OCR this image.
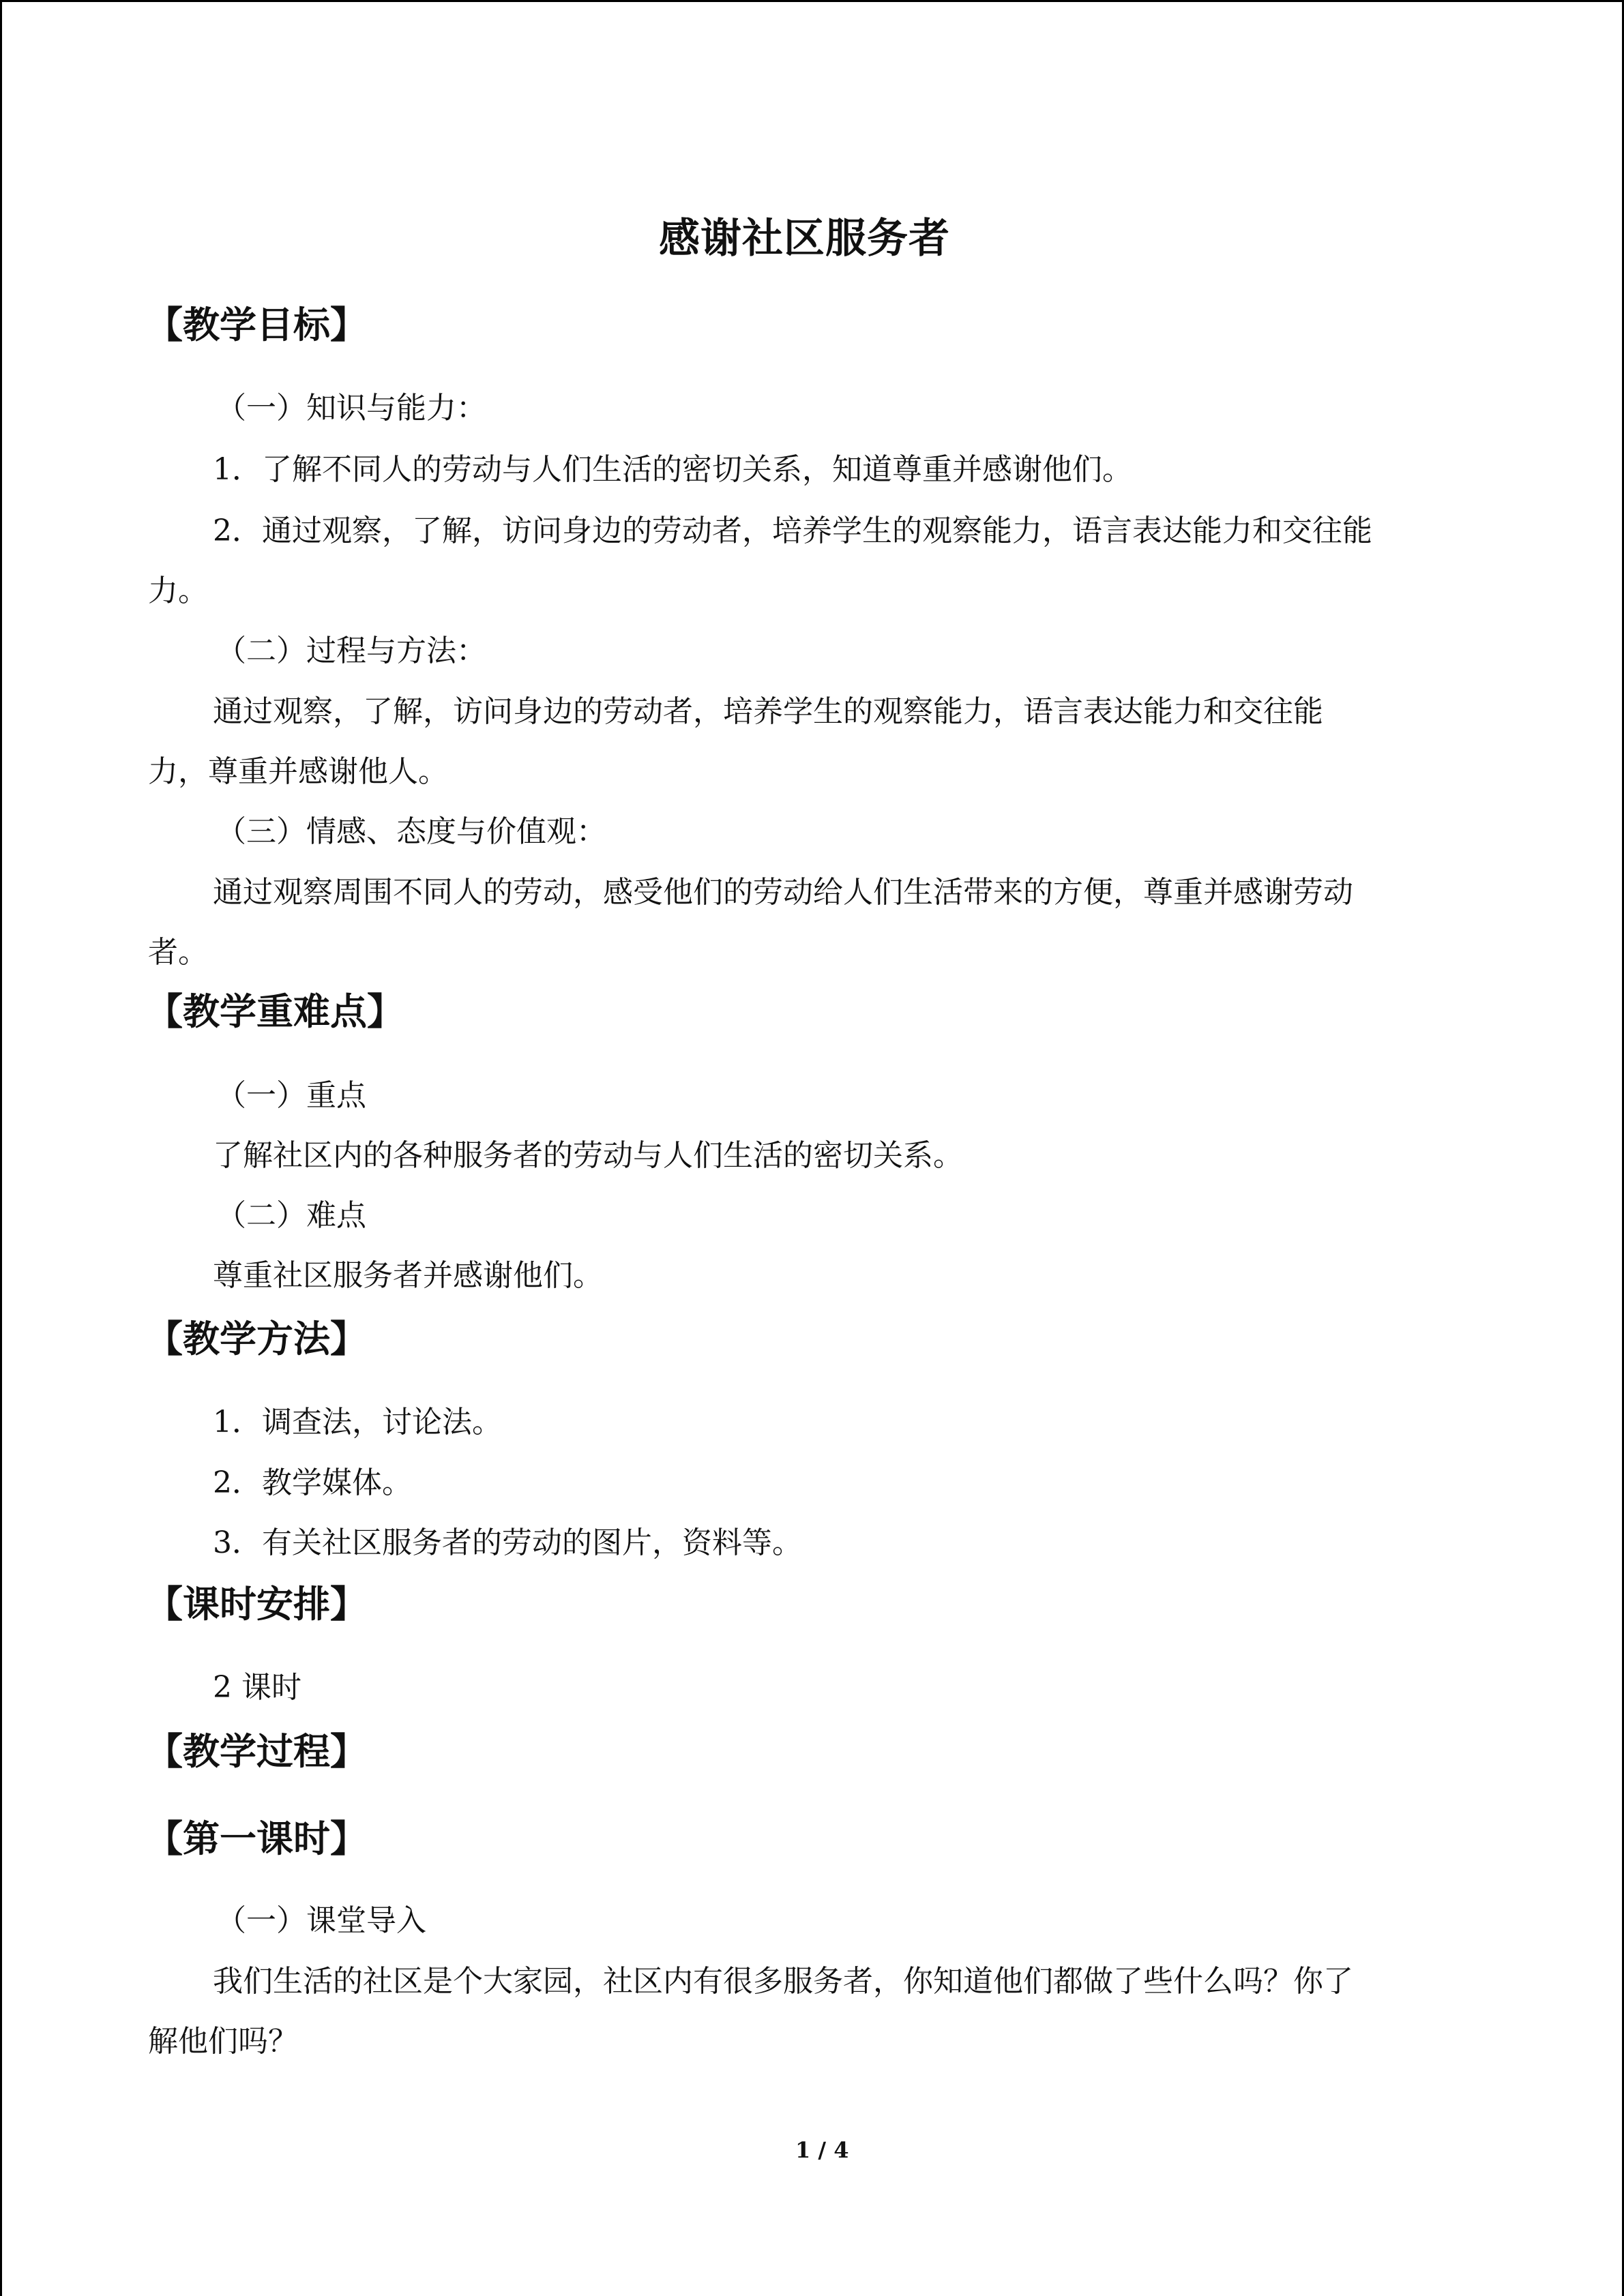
感谢社区服务者
【教学目标】
（一）知识与能力：
1．了解不同人的劳动与人们生活的密切关系，知道尊重并感谢他们。
2．通过观察，了解，访问身边的劳动者，培养学生的观察能力，语言表达能力和交往能
力。
（二）过程与方法：
通过观察，了解，访问身边的劳动者，培养学生的观察能力，语言表达能力和交往能
力，尊重并感谢他人。
（三）情感、态度与价值观：
通过观察周围不同人的劳动，感受他们的劳动给人们生活带来的方便，尊重并感谢劳动
者。
【教学重难点】
（一）重点
了解社区内的各种服务者的劳动与人们生活的密切关系。
（二）难点
尊重社区服务者并感谢他们。
【教学方法】
1．调查法，讨论法。
2．教学媒体。
3．有关社区服务者的劳动的图片，资料等。
【课时安排】
2 课时
【教学过程】
【第一课时】
（一）课堂导入
我们生活的社区是个大家园，社区内有很多服务者，你知道他们都做了些什么吗？你了
解他们吗？
1 / 4
